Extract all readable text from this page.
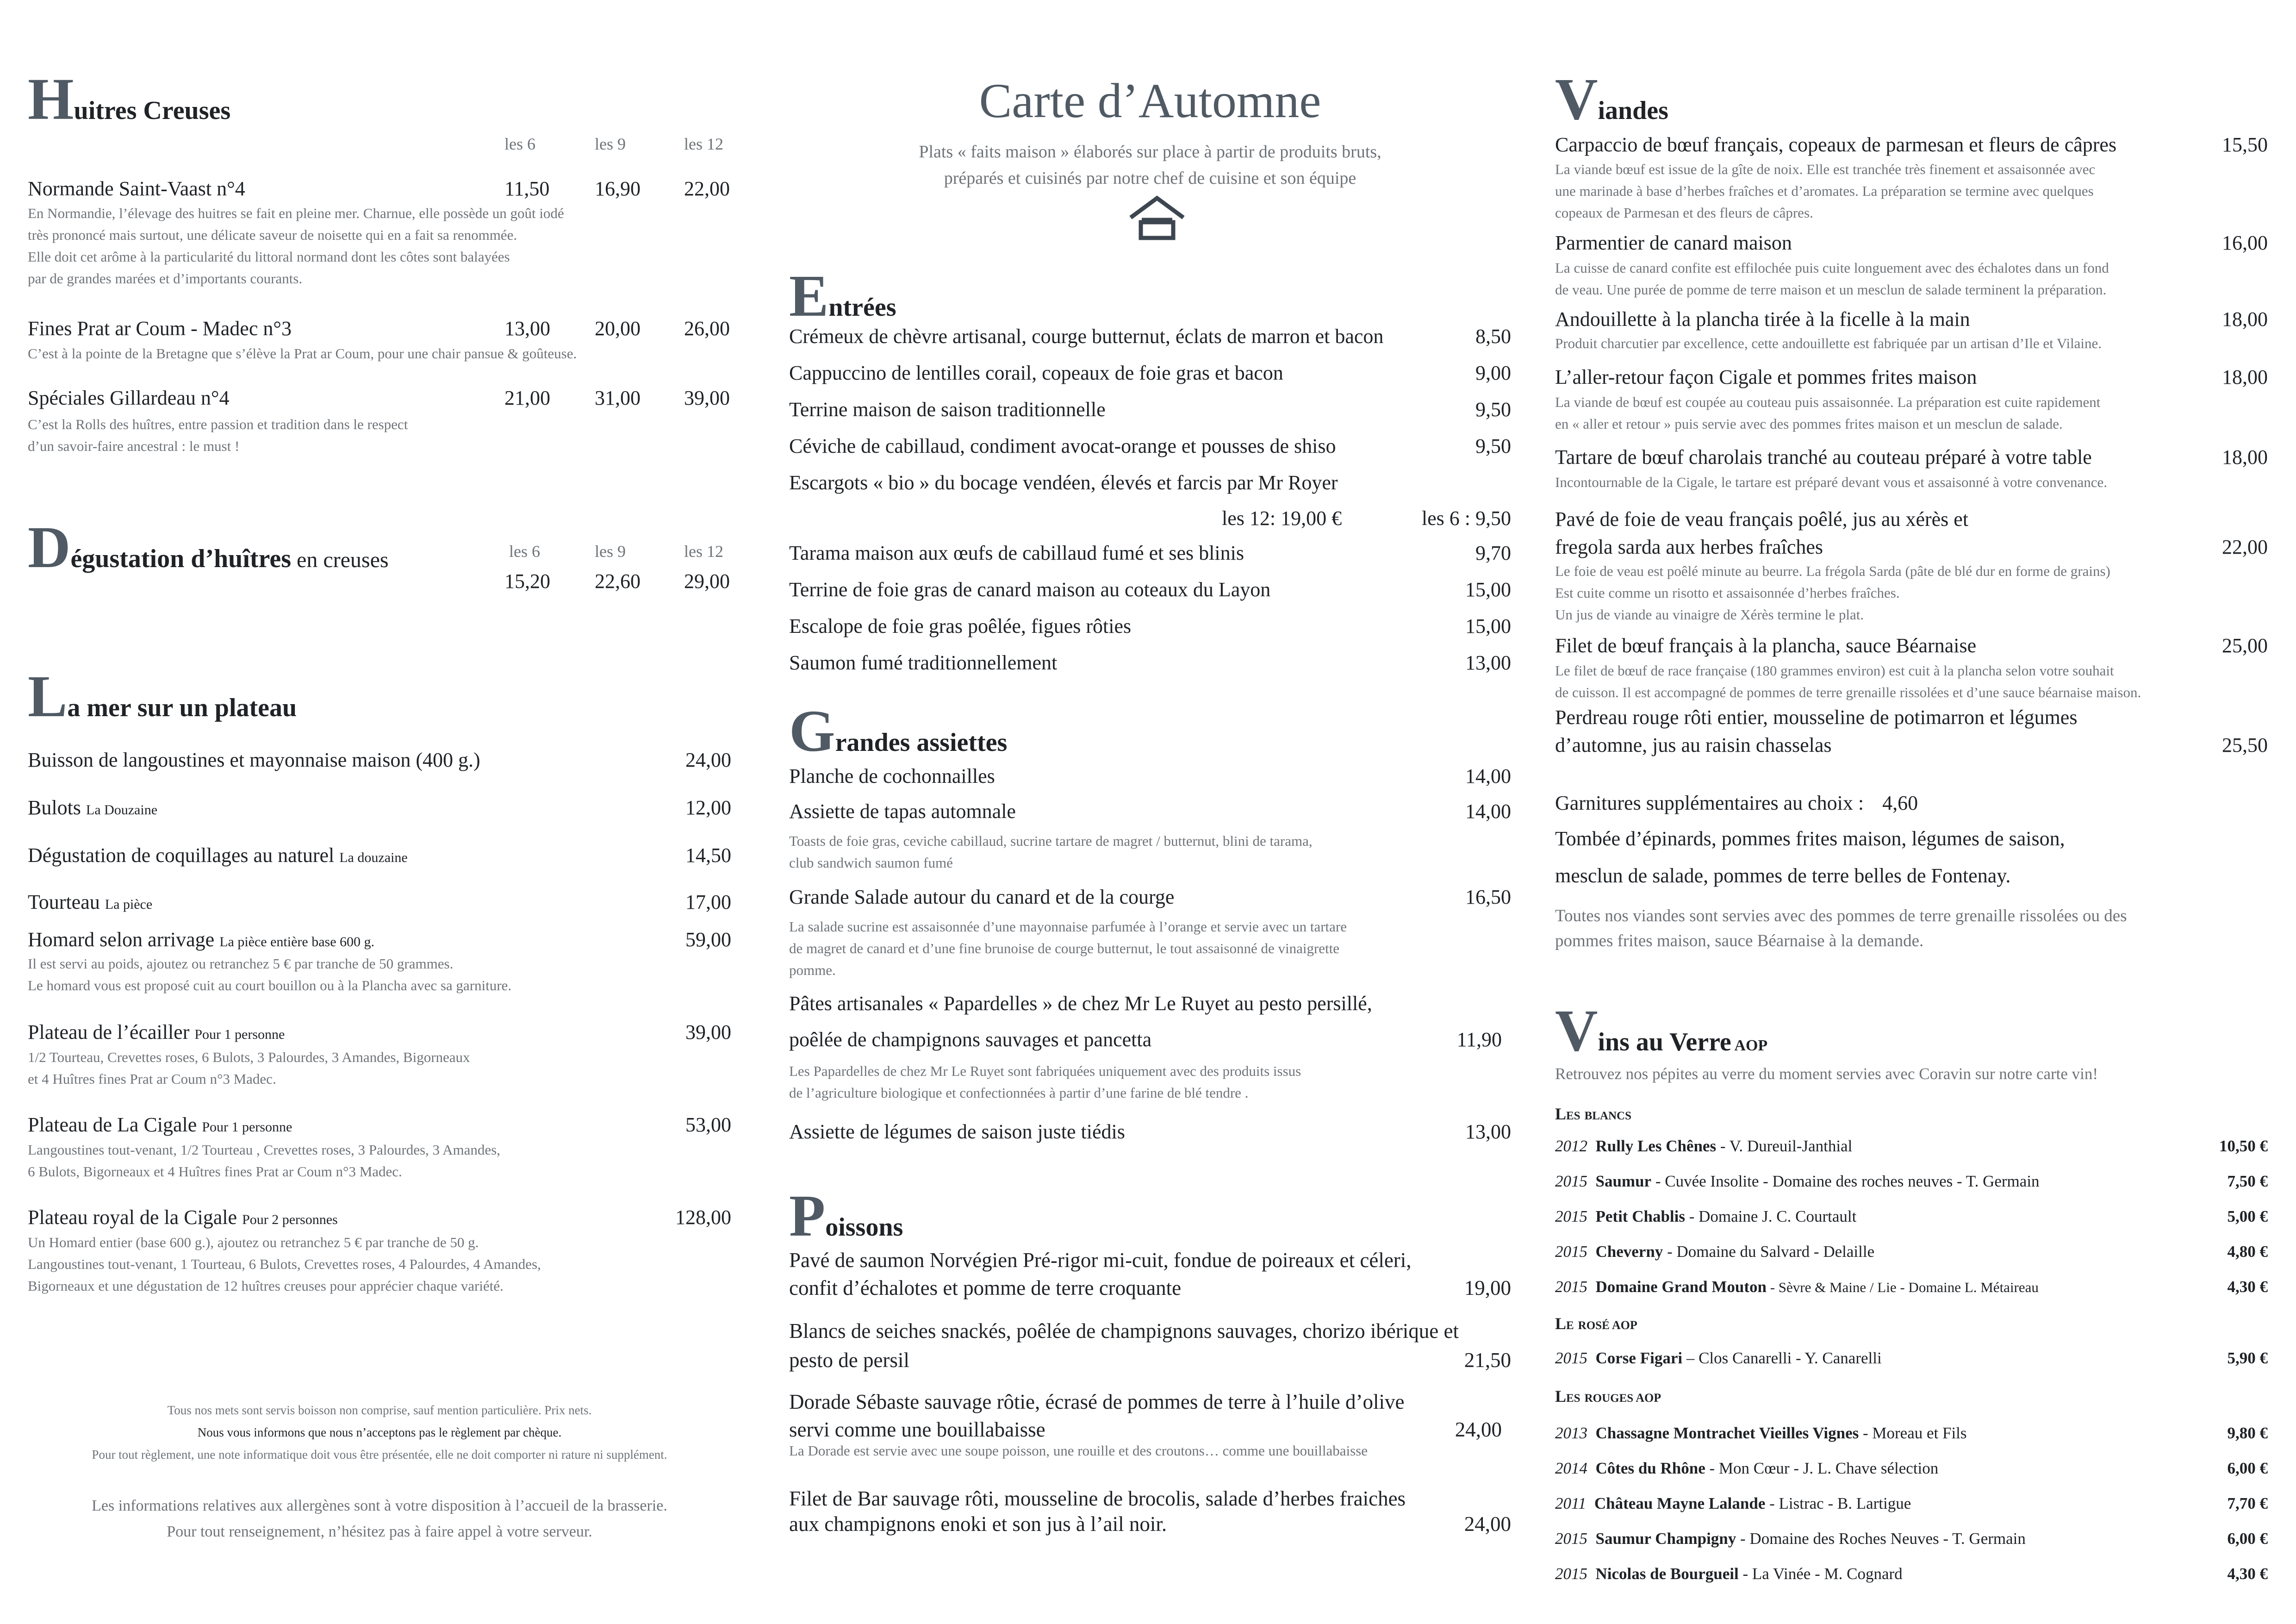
Huitres Creuses
les 6	les 9	les 12
Normande Saint-Vaast n°4	11,50	16,90	22,00
En Normandie, l’élevage des huitres se fait en pleine mer. Charnue, elle possède un goût iodé
très prononcé mais surtout, une délicate saveur de noisette qui en a fait sa renommée.
Elle doit cet arôme à la particularité du littoral normand dont les côtes sont balayées
par de grandes marées et d’importants courants.
Fines Prat ar Coum - Madec n°3	13,00	20,00	26,00
C’est à la pointe de la Bretagne que s’élève la Prat ar Coum, pour une chair pansue & goûteuse.
Spéciales Gillardeau n°4	21,00	31,00	39,00
C’est la Rolls des huîtres, entre passion et tradition dans le respect
d’un savoir-faire ancestral : le must !
Dégustation d’huîtres en creuses	les 6	les 9	les 12
15,20	22,60	29,00
La mer sur un plateau
Buisson de langoustines et mayonnaise maison (400 g.)	24,00
Bulots La Douzaine	12,00
Dégustation de coquillages au naturel La douzaine	14,50
Tourteau La pièce	17,00
Homard selon arrivage La pièce entière base 600 g.	59,00
Il est servi au poids, ajoutez ou retranchez 5 € par tranche de 50 grammes.
Le homard vous est proposé cuit au court bouillon ou à la Plancha avec sa garniture.
Plateau de l’écailler Pour 1 personne	39,00
1/2 Tourteau, Crevettes roses, 6 Bulots, 3 Palourdes, 3 Amandes, Bigorneaux
et 4 Huîtres fines Prat ar Coum n°3 Madec.
Plateau de La Cigale Pour 1 personne	53,00
Langoustines tout-venant, 1/2 Tourteau , Crevettes roses, 3 Palourdes, 3 Amandes,
6 Bulots, Bigorneaux et 4 Huîtres fines Prat ar Coum n°3 Madec.
Plateau royal de la Cigale Pour 2 personnes	128,00
Un Homard entier (base 600 g.), ajoutez ou retranchez 5 € par tranche de 50 g.
Langoustines tout-venant, 1 Tourteau, 6 Bulots, Crevettes roses, 4 Palourdes, 4 Amandes,
Bigorneaux et une dégustation de 12 huîtres creuses pour apprécier chaque variété.
Tous nos mets sont servis boisson non comprise, sauf mention particulière. Prix nets.
Nous vous informons que nous n’acceptons pas le règlement par chèque.
Pour tout règlement, une note informatique doit vous être présentée, elle ne doit comporter ni rature ni supplément.
Les informations relatives aux allergènes sont à votre disposition à l’accueil de la brasserie.
Pour tout renseignement, n’hésitez pas à faire appel à votre serveur.
Carte d’Automne
Plats « faits maison » élaborés sur place à partir de produits bruts,
préparés et cuisinés par notre chef de cuisine et son équipe
Entrées
Crémeux de chèvre artisanal, courge butternut, éclats de marron et bacon	8,50
Cappuccino de lentilles corail, copeaux de foie gras et bacon	9,00
Terrine maison de saison traditionnelle	9,50
Céviche de cabillaud, condiment avocat-orange et pousses de shiso	9,50
Escargots « bio » du bocage vendéen, élevés et farcis par Mr Royer
les 12: 19,00 €	les 6 : 9,50
Tarama maison aux œufs de cabillaud fumé et ses blinis	9,70
Terrine de foie gras de canard maison au coteaux du Layon	15,00
Escalope de foie gras poêlée, figues rôties	15,00
Saumon fumé traditionnellement	13,00
Grandes assiettes
Planche de cochonnailles	14,00
Assiette de tapas automnale	14,00
Toasts de foie gras, ceviche cabillaud, sucrine tartare de magret / butternut, blini de tarama,
club sandwich saumon fumé
Grande Salade autour du canard et de la courge	16,50
La salade sucrine est assaisonnée d’une mayonnaise parfumée à l’orange et servie avec un tartare
de magret de canard et d’une fine brunoise de courge butternut, le tout assaisonné de vinaigrette
pomme.
Pâtes artisanales « Papardelles » de chez Mr Le Ruyet au pesto persillé,
poêlée de champignons sauvages et pancetta	11,90
Les Papardelles de chez Mr Le Ruyet sont fabriquées uniquement avec des produits issus
de l’agriculture biologique et confectionnées à partir d’une farine de blé tendre .
Assiette de légumes de saison juste tiédis	13,00
Poissons
Pavé de saumon Norvégien Pré-rigor mi-cuit, fondue de poireaux et céleri,
confit d’échalotes et pomme de terre croquante	19,00
Blancs de seiches snackés, poêlée de champignons sauvages, chorizo ibérique et
pesto de persil	21,50
Dorade Sébaste sauvage rôtie, écrasé de pommes de terre à l’huile d’olive
servi comme une bouillabaisse	24,00
La Dorade est servie avec une soupe poisson, une rouille et des croutons… comme une bouillabaisse
Filet de Bar sauvage rôti, mousseline de brocolis, salade d’herbes fraiches
aux champignons enoki et son jus à l’ail noir.	24,00
Viandes
Carpaccio de bœuf français, copeaux de parmesan et fleurs de câpres	15,50
La viande bœuf est issue de la gîte de noix. Elle est tranchée très finement et assaisonnée avec
une marinade à base d’herbes fraîches et d’aromates. La préparation se termine avec quelques
copeaux de Parmesan et des fleurs de câpres.
Parmentier de canard maison	16,00
La cuisse de canard confite est effilochée puis cuite longuement avec des échalotes dans un fond
de veau. Une purée de pomme de terre maison et un mesclun de salade terminent la préparation.
Andouillette à la plancha tirée à la ficelle à la main	18,00
Produit charcutier par excellence, cette andouillette est fabriquée par un artisan d’Ile et Vilaine.
L’aller-retour façon Cigale et pommes frites maison	18,00
La viande de bœuf est coupée au couteau puis assaisonnée. La préparation est cuite rapidement
en « aller et retour » puis servie avec des pommes frites maison et un mesclun de salade.
Tartare de bœuf charolais tranché au couteau préparé à votre table	18,00
Incontournable de la Cigale, le tartare est préparé devant vous et assaisonné à votre convenance.
Pavé de foie de veau français poêlé, jus au xérès et
fregola sarda aux herbes fraîches	22,00
Le foie de veau est poêlé minute au beurre. La frégola Sarda (pâte de blé dur en forme de grains)
Est cuite comme un risotto et assaisonnée d’herbes fraîches.
Un jus de viande au vinaigre de Xérès termine le plat.
Filet de bœuf français à la plancha, sauce Béarnaise	25,00
Le filet de bœuf de race française (180 grammes environ) est cuit à la plancha selon votre souhait
de cuisson. Il est accompagné de pommes de terre grenaille rissolées et d’une sauce béarnaise maison.
Perdreau rouge rôti entier, mousseline de potimarron et légumes
d’automne, jus au raisin chasselas	25,50
Garnitures supplémentaires au choix : 4,60
Tombée d’épinards, pommes frites maison, légumes de saison,
mesclun de salade, pommes de terre belles de Fontenay.
Toutes nos viandes sont servies avec des pommes de terre grenaille rissolées ou des
pommes frites maison, sauce Béarnaise à la demande.
Vins au Verre AOP
Retrouvez nos pépites au verre du moment servies avec Coravin sur notre carte vin!
Les blancs
2012 Rully Les Chênes - V. Dureuil-Janthial	10,50 €
2015 Saumur - Cuvée Insolite - Domaine des roches neuves - T. Germain	7,50 €
2015 Petit Chablis - Domaine J. C. Courtault	5,00 €
2015 Cheverny - Domaine du Salvard - Delaille	4,80 €
2015 Domaine Grand Mouton - Sèvre & Maine / Lie - Domaine L. Métaireau	4,30 €
Le rosé AOP
2015 Corse Figari – Clos Canarelli - Y. Canarelli	5,90 €
Les rouges AOP
2013 Chassagne Montrachet Vieilles Vignes - Moreau et Fils	9,80 €
2014 Côtes du Rhône - Mon Cœur - J. L. Chave sélection	6,00 €
2011 Château Mayne Lalande - Listrac - B. Lartigue	7,70 €
2015 Saumur Champigny - Domaine des Roches Neuves - T. Germain	6,00 €
2015 Nicolas de Bourgueil - La Vinée - M. Cognard	4,30 €
